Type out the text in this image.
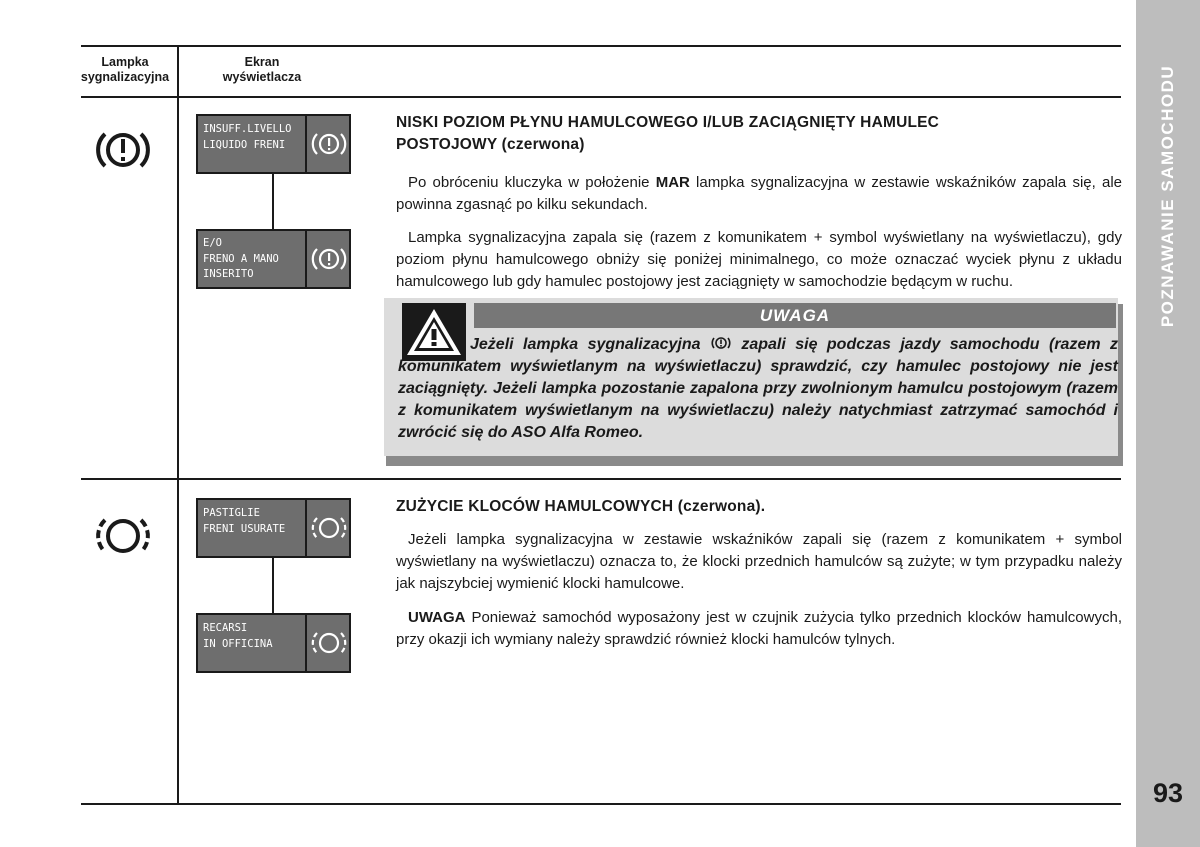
POZNAWANIE SAMOCHODU
93
Lampka sygnalizacyjna
Ekran wyświetlacza
INSUFF.LIVELLO
LIQUIDO FRENI
E/O
FRENO A MANO
INSERITO
NISKI POZIOM PŁYNU HAMULCOWEGO I/LUB ZACIĄGNIĘTY HAMULEC
POSTOJOWY (czerwona)
Po obróceniu kluczyka w położenie MAR lampka sygnalizacyjna w zestawie wskaźników zapala się, ale powinna zgasnąć po kilku sekundach.
Lampka sygnalizacyjna zapala się (razem z komunikatem + symbol wyświetlany na wyświetlaczu), gdy poziom płynu hamulcowego obniży się poniżej minimalnego, co może oznaczać wyciek płynu z układu hamulcowego lub gdy hamulec postojowy jest zaciągnięty w samochodzie będącym w ruchu.
UWAGA
Jeżeli lampka sygnalizacyjna  zapali się podczas jazdy samochodu (razem z komunikatem wyświetlanym na wyświetlaczu) sprawdzić, czy hamulec postojowy nie jest zaciągnięty. Jeżeli lampka pozostanie zapalona przy zwolnionym hamulcu postojowym (razem z komunikatem wyświetlanym na wyświetlaczu) należy natychmiast zatrzymać samochód i zwrócić się do ASO Alfa Romeo.
PASTIGLIE
FRENI USURATE
RECARSI
IN OFFICINA
ZUŻYCIE KLOCÓW HAMULCOWYCH (czerwona).
Jeżeli lampka sygnalizacyjna w zestawie wskaźników zapali się (razem z komunikatem + symbol wyświetlany na wyświetlaczu) oznacza to, że klocki przednich hamulców są zużyte; w tym przypadku należy jak najszybciej wymienić klocki hamulcowe.
UWAGA Ponieważ samochód wyposażony jest w czujnik zużycia tylko przednich klocków hamulcowych, przy okazji ich wymiany należy sprawdzić również klocki hamulców tylnych.
